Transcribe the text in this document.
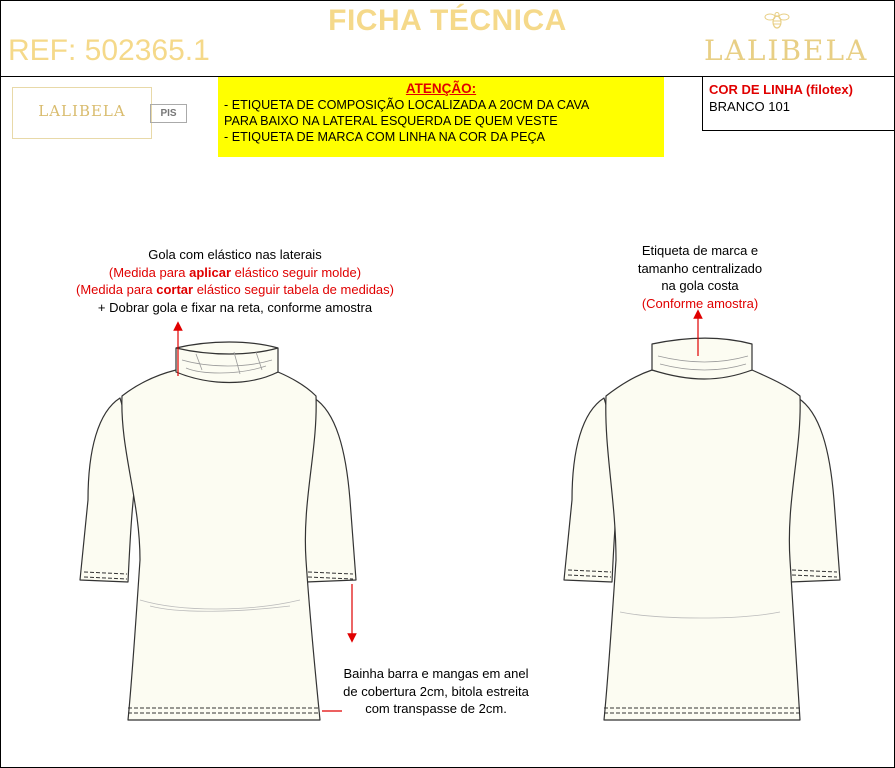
FICHA TÉCNICA
REF: 502365.1	LALIBELA
LALIBELA	PIS
ATENÇÃO:
- ETIQUETA DE COMPOSIÇÃO LOCALIZADA A 20CM DA CAVA
PARA BAIXO NA LATERAL ESQUERDA DE QUEM VESTE
- ETIQUETA DE MARCA COM LINHA NA COR DA PEÇA
COR DE LINHA (filotex)
BRANCO 101
Gola com elástico nas laterais
(Medida para aplicar elástico seguir molde)
(Medida para cortar elástico seguir tabela de medidas)
+ Dobrar gola e fixar na reta, conforme amostra
Etiqueta de marca e
tamanho centralizado
na gola costa
(Conforme amostra)
Bainha barra e mangas em anel
de cobertura 2cm, bitola estreita
com transpasse de 2cm.
